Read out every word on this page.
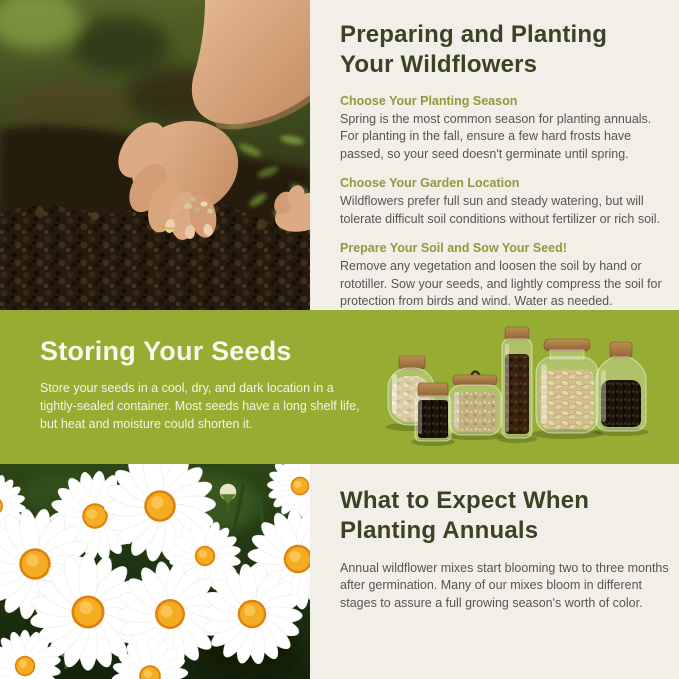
Preparing and Planting Your Wildflowers
Choose Your Planting Season
Spring is the most common season for planting annuals. For planting in the fall, ensure a few hard frosts have passed, so your seed doesn't germinate until spring.
Choose Your Garden Location
Wildflowers prefer full sun and steady watering, but will tolerate difficult soil conditions without fertilizer or rich soil.
Prepare Your Soil and Sow Your Seed!
Remove any vegetation and loosen the soil by hand or rototiller. Sow your seeds, and lightly compress the soil for protection from birds and wind. Water as needed.
Storing Your Seeds
Store your seeds in a cool, dry, and dark location in a tightly-sealed container. Most seeds have a long shelf life, but heat and moisture could shorten it.
What to Expect When Planting Annuals
Annual wildflower mixes start blooming two to three months after germination. Many of our mixes bloom in different stages to assure a full growing season's worth of color.
